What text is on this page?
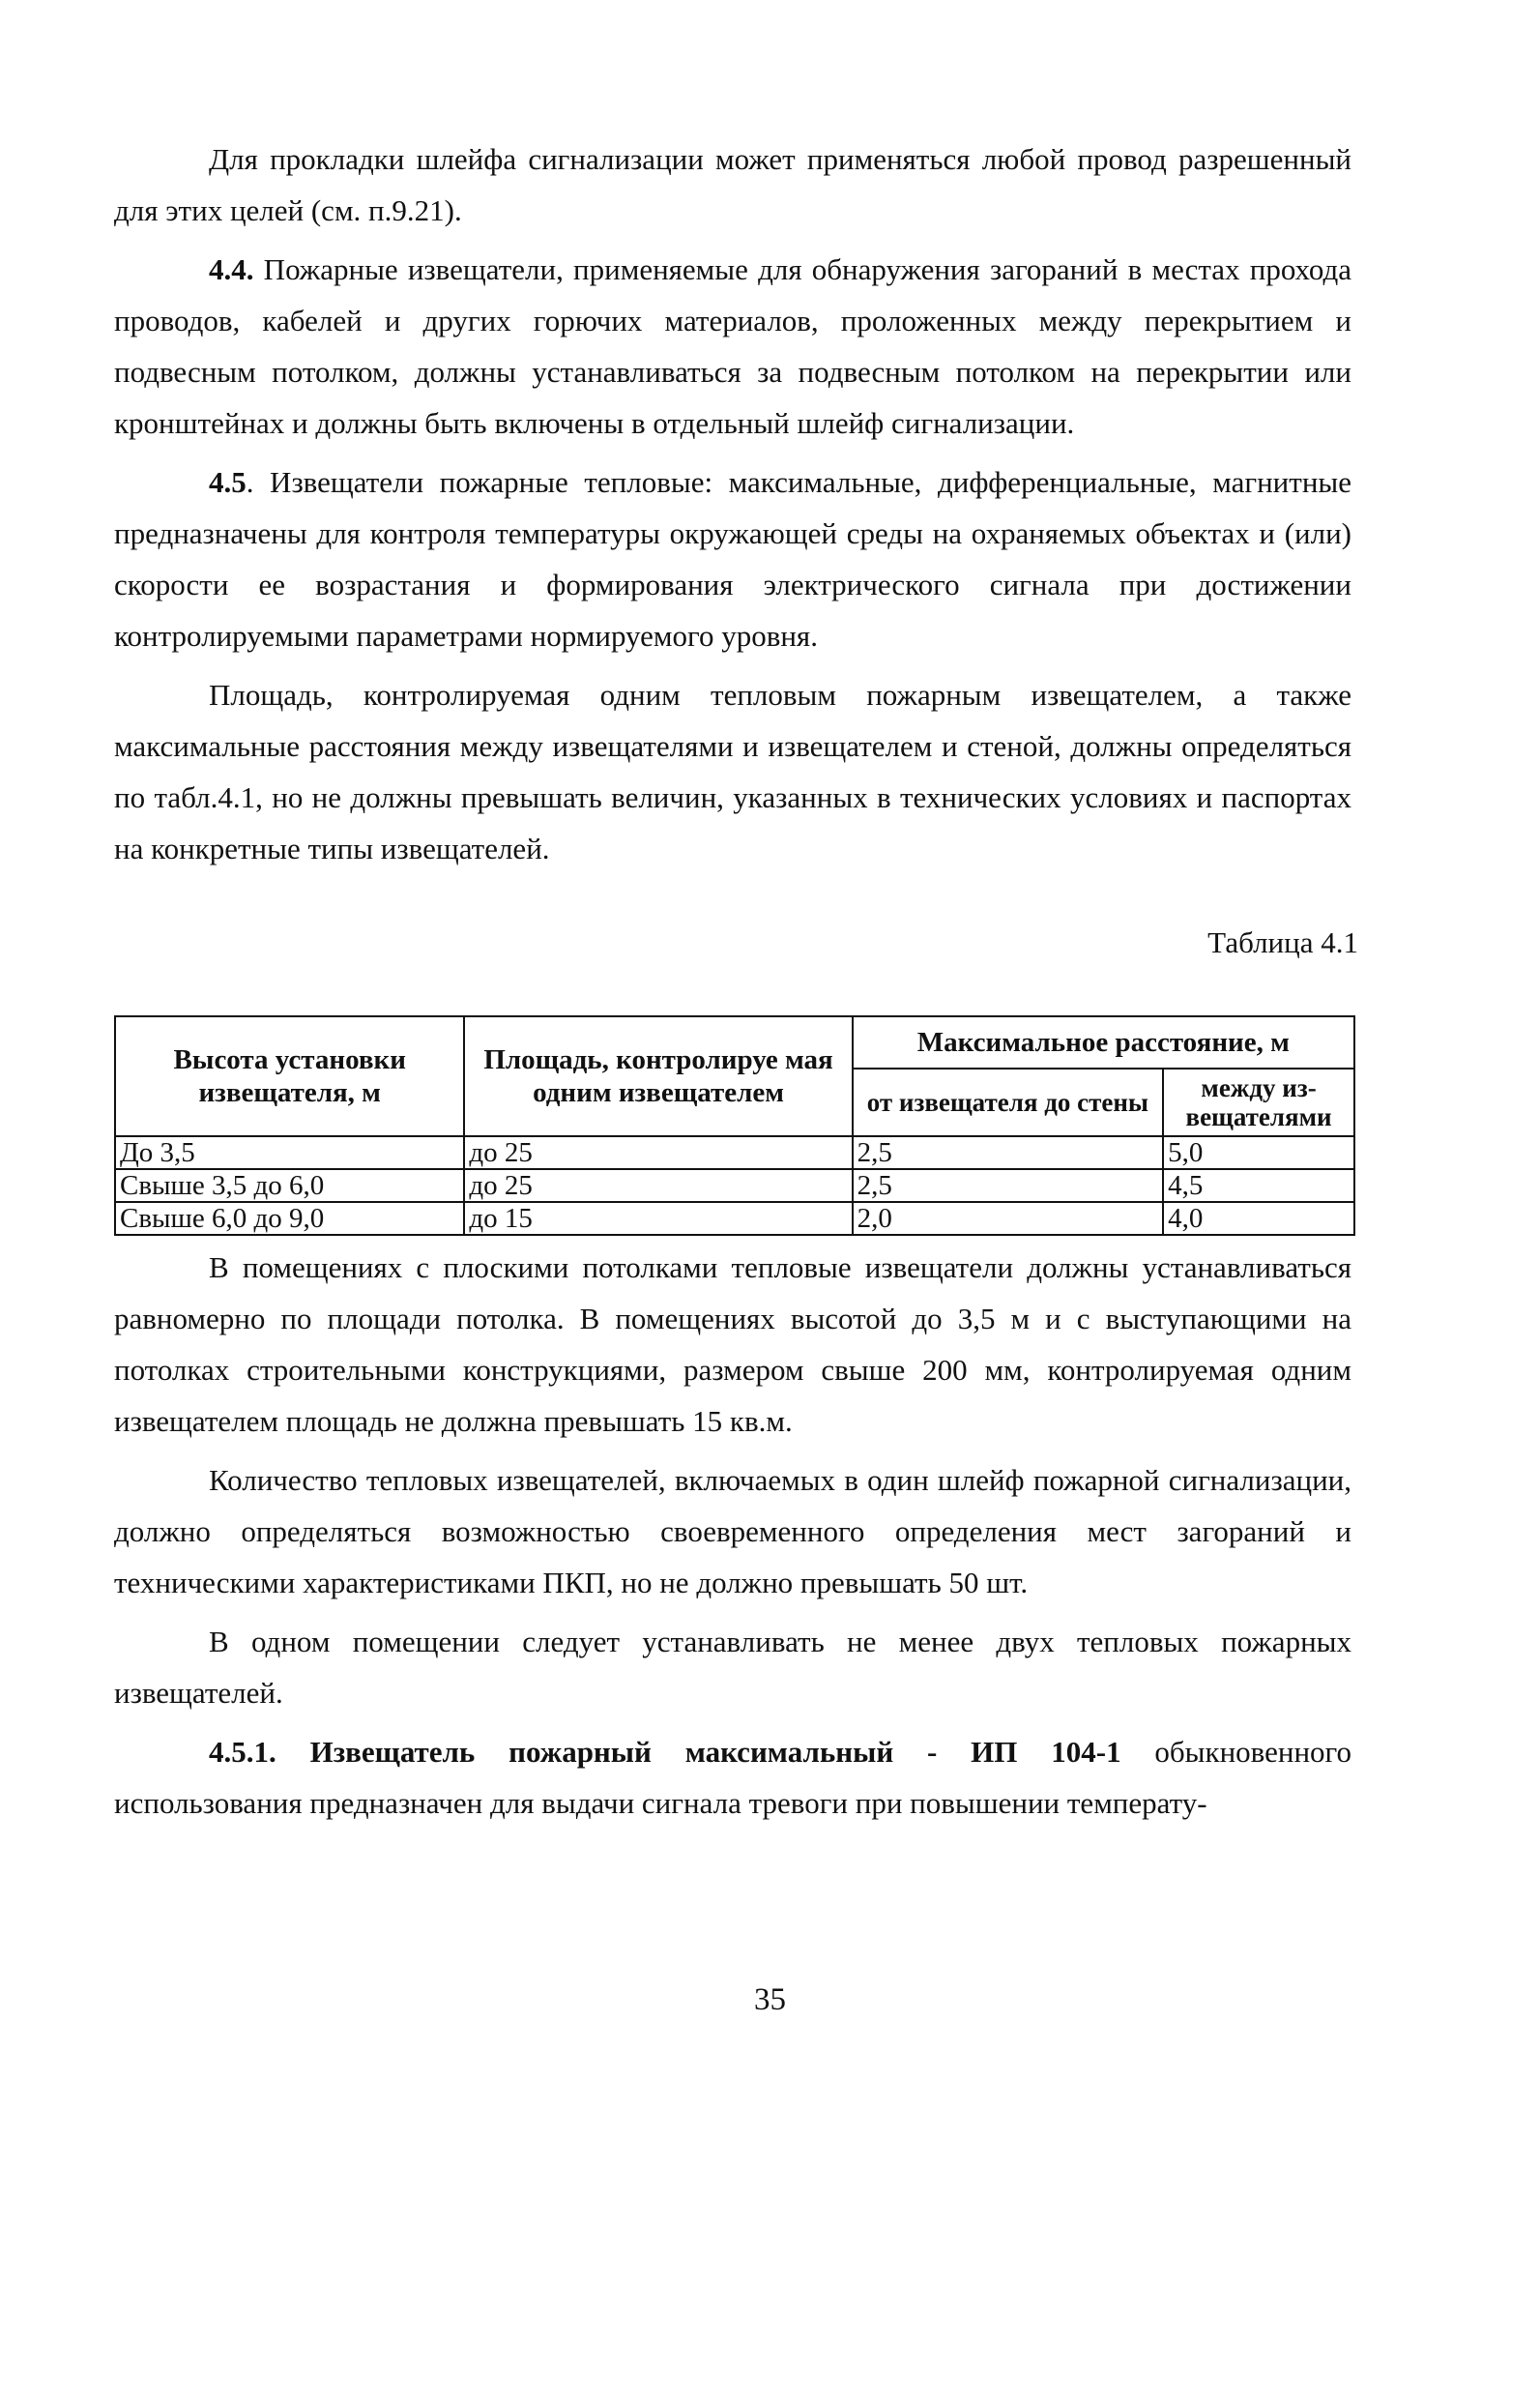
Для прокладки шлейфа сигнализации может применяться любой провод разрешенный для этих целей (см. п.9.21).

4.4. Пожарные извещатели, применяемые для обнаружения загораний в местах прохода проводов, кабелей и других горючих материалов, проложенных между перекрытием и подвесным потолком, должны устанавливаться за подвесным потолком на перекрытии или кронштейнах и должны быть включены в отдельный шлейф сигнализации.

4.5. Извещатели пожарные тепловые: максимальные, дифференциальные, магнитные предназначены для контроля температуры окружающей среды на охраняемых объектах и (или) скорости ее возрастания и формирования электрического сигнала при достижении контролируемыми параметрами нормируемого уровня.

Площадь, контролируемая одним тепловым пожарным извещателем, а также максимальные расстояния между извещателями и извещателем и стеной, должны определяться по табл.4.1, но не должны превышать величин, указанных в технических условиях и паспортах на конкретные типы извещателей.

Таблица 4.1
Высота установки извещателя, м	Площадь, контролируе мая одним извещателем	Максимальное расстояние, м	
		от извещателя до стены	между из- вещателями
До 3,5	до 25	2,5	5,0
Свыше 3,5 до 6,0	до 25	2,5	4,5
Свыше 6,0 до 9,0	до 15	2,0	4,0

В помещениях с плоскими потолками тепловые извещатели должны устанавливаться равномерно по площади потолка. В помещениях высотой до 3,5 м и с выступающими на потолках строительными конструкциями, размером свыше 200 мм, контролируемая одним извещателем площадь не должна превышать 15 кв.м.

Количество тепловых извещателей, включаемых в один шлейф пожарной сигнализации, должно определяться возможностью своевременного определения мест загораний и техническими характеристиками ПКП, но не должно превышать 50 шт.

В одном помещении следует устанавливать не менее двух тепловых пожарных извещателей.

4.5.1. Извещатель пожарный максимальный - ИП 104-1 обыкновенного использования предназначен для выдачи сигнала тревоги при повышении температу-

35
